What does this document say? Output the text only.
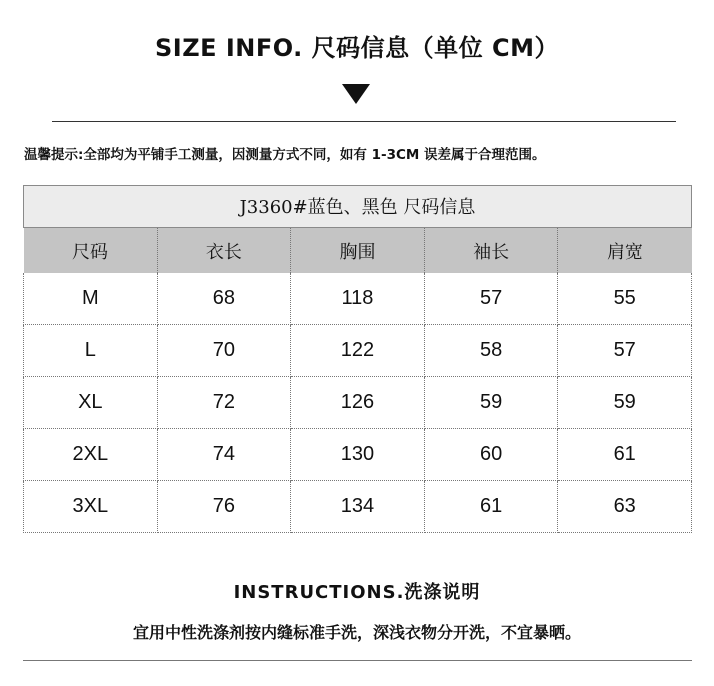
SIZE INFO. 尺码信息（单位 CM）
温馨提示:全部均为平铺手工测量，因测量方式不同，如有 1-3CM 误差属于合理范围。
J3360#蓝色、黑色 尺码信息
尺码	衣长	胸围	袖长	肩宽
M	68	118	57	55
L	70	122	58	57
XL	72	126	59	59
2XL	74	130	60	61
3XL	76	134	61	63
INSTRUCTIONS.洗涤说明
宜用中性洗涤剂按内缝标准手洗，深浅衣物分开洗，不宜暴晒。
